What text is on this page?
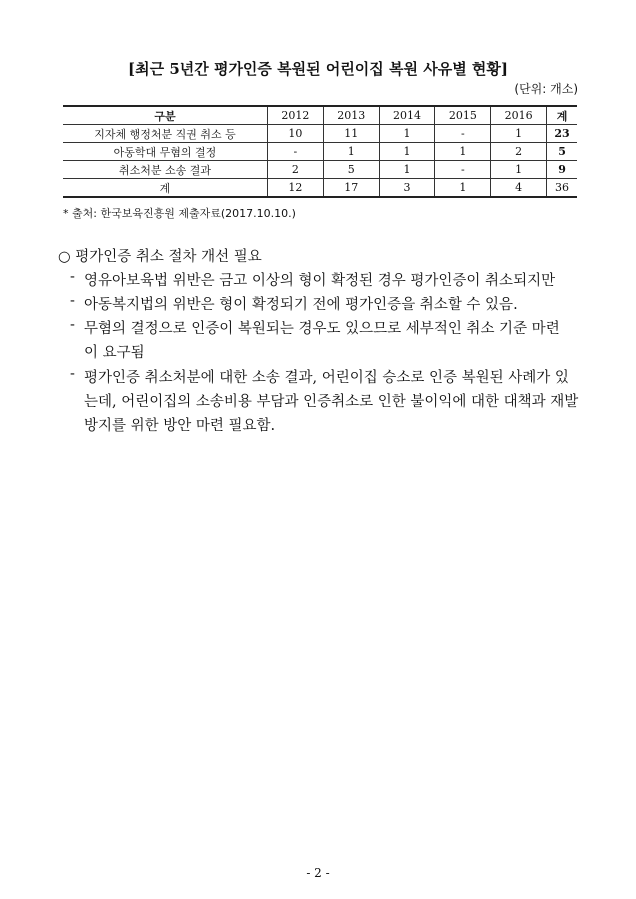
[최근 5년간 평가인증 복원된 어린이집 복원 사유별 현황]
(단위: 개소)
구분	2012	2013	2014	2015	2016	계
지자체 행정처분 직권 취소 등	10	11	1	-	1	23
아동학대 무혐의 결정	-	1	1	1	2	5
취소처분 소송 결과	2	5	1	-	1	9
계	12	17	3	1	4	36
* 출처: 한국보육진흥원 제출자료(2017.10.10.)
○ 평가인증 취소 절차 개선 필요
- 영유아보육법 위반은 금고 이상의 형이 확정된 경우 평가인증이 취소되지만
- 아동복지법의 위반은 형이 확정되기 전에 평가인증을 취소할 수 있음.
- 무혐의 결정으로 인증이 복원되는 경우도 있으므로 세부적인 취소 기준 마련
이 요구됨
- 평가인증 취소처분에 대한 소송 결과, 어린이집 승소로 인증 복원된 사례가 있
는데, 어린이집의 소송비용 부담과 인증취소로 인한 불이익에 대한 대책과 재발
방지를 위한 방안 마련 필요함.
- 2 -
